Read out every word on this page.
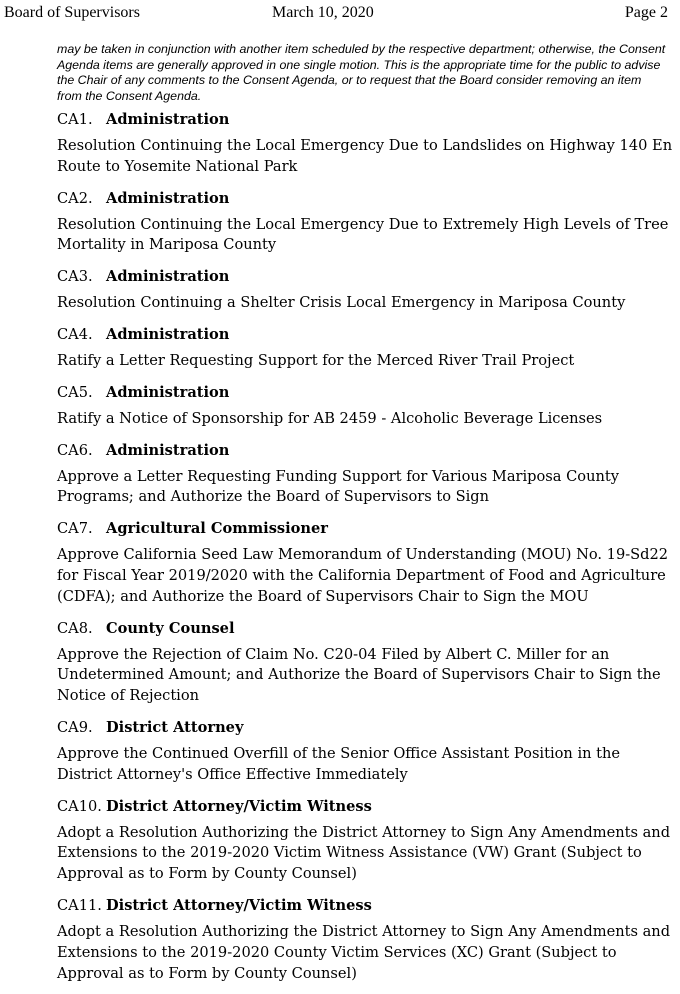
Board of Supervisors	March 10, 2020	Page 2

may be taken in conjunction with another item scheduled by the respective department; otherwise, the Consent Agenda items are generally approved in one single motion. This is the appropriate time for the public to advise the Chair of any comments to the Consent Agenda, or to request that the Board consider removing an item from the Consent Agenda.

CA1. Administration

Resolution Continuing the Local Emergency Due to Landslides on Highway 140 En Route to Yosemite National Park

CA2. Administration

Resolution Continuing the Local Emergency Due to Extremely High Levels of Tree Mortality in Mariposa County

CA3. Administration

Resolution Continuing a Shelter Crisis Local Emergency in Mariposa County

CA4. Administration

Ratify a Letter Requesting Support for the Merced River Trail Project

CA5. Administration

Ratify a Notice of Sponsorship for AB 2459 - Alcoholic Beverage Licenses

CA6. Administration

Approve a Letter Requesting Funding Support for Various Mariposa County Programs; and Authorize the Board of Supervisors to Sign

CA7. Agricultural Commissioner

Approve California Seed Law Memorandum of Understanding (MOU) No. 19-Sd22 for Fiscal Year 2019/2020 with the California Department of Food and Agriculture (CDFA); and Authorize the Board of Supervisors Chair to Sign the MOU

CA8. County Counsel

Approve the Rejection of Claim No. C20-04 Filed by Albert C. Miller for an Undetermined Amount; and Authorize the Board of Supervisors Chair to Sign the Notice of Rejection

CA9. District Attorney

Approve the Continued Overfill of the Senior Office Assistant Position in the District Attorney's Office Effective Immediately

CA10. District Attorney/Victim Witness

Adopt a Resolution Authorizing the District Attorney to Sign Any Amendments and Extensions to the 2019-2020 Victim Witness Assistance (VW) Grant (Subject to Approval as to Form by County Counsel)

CA11. District Attorney/Victim Witness

Adopt a Resolution Authorizing the District Attorney to Sign Any Amendments and Extensions to the 2019-2020 County Victim Services (XC) Grant (Subject to Approval as to Form by County Counsel)
